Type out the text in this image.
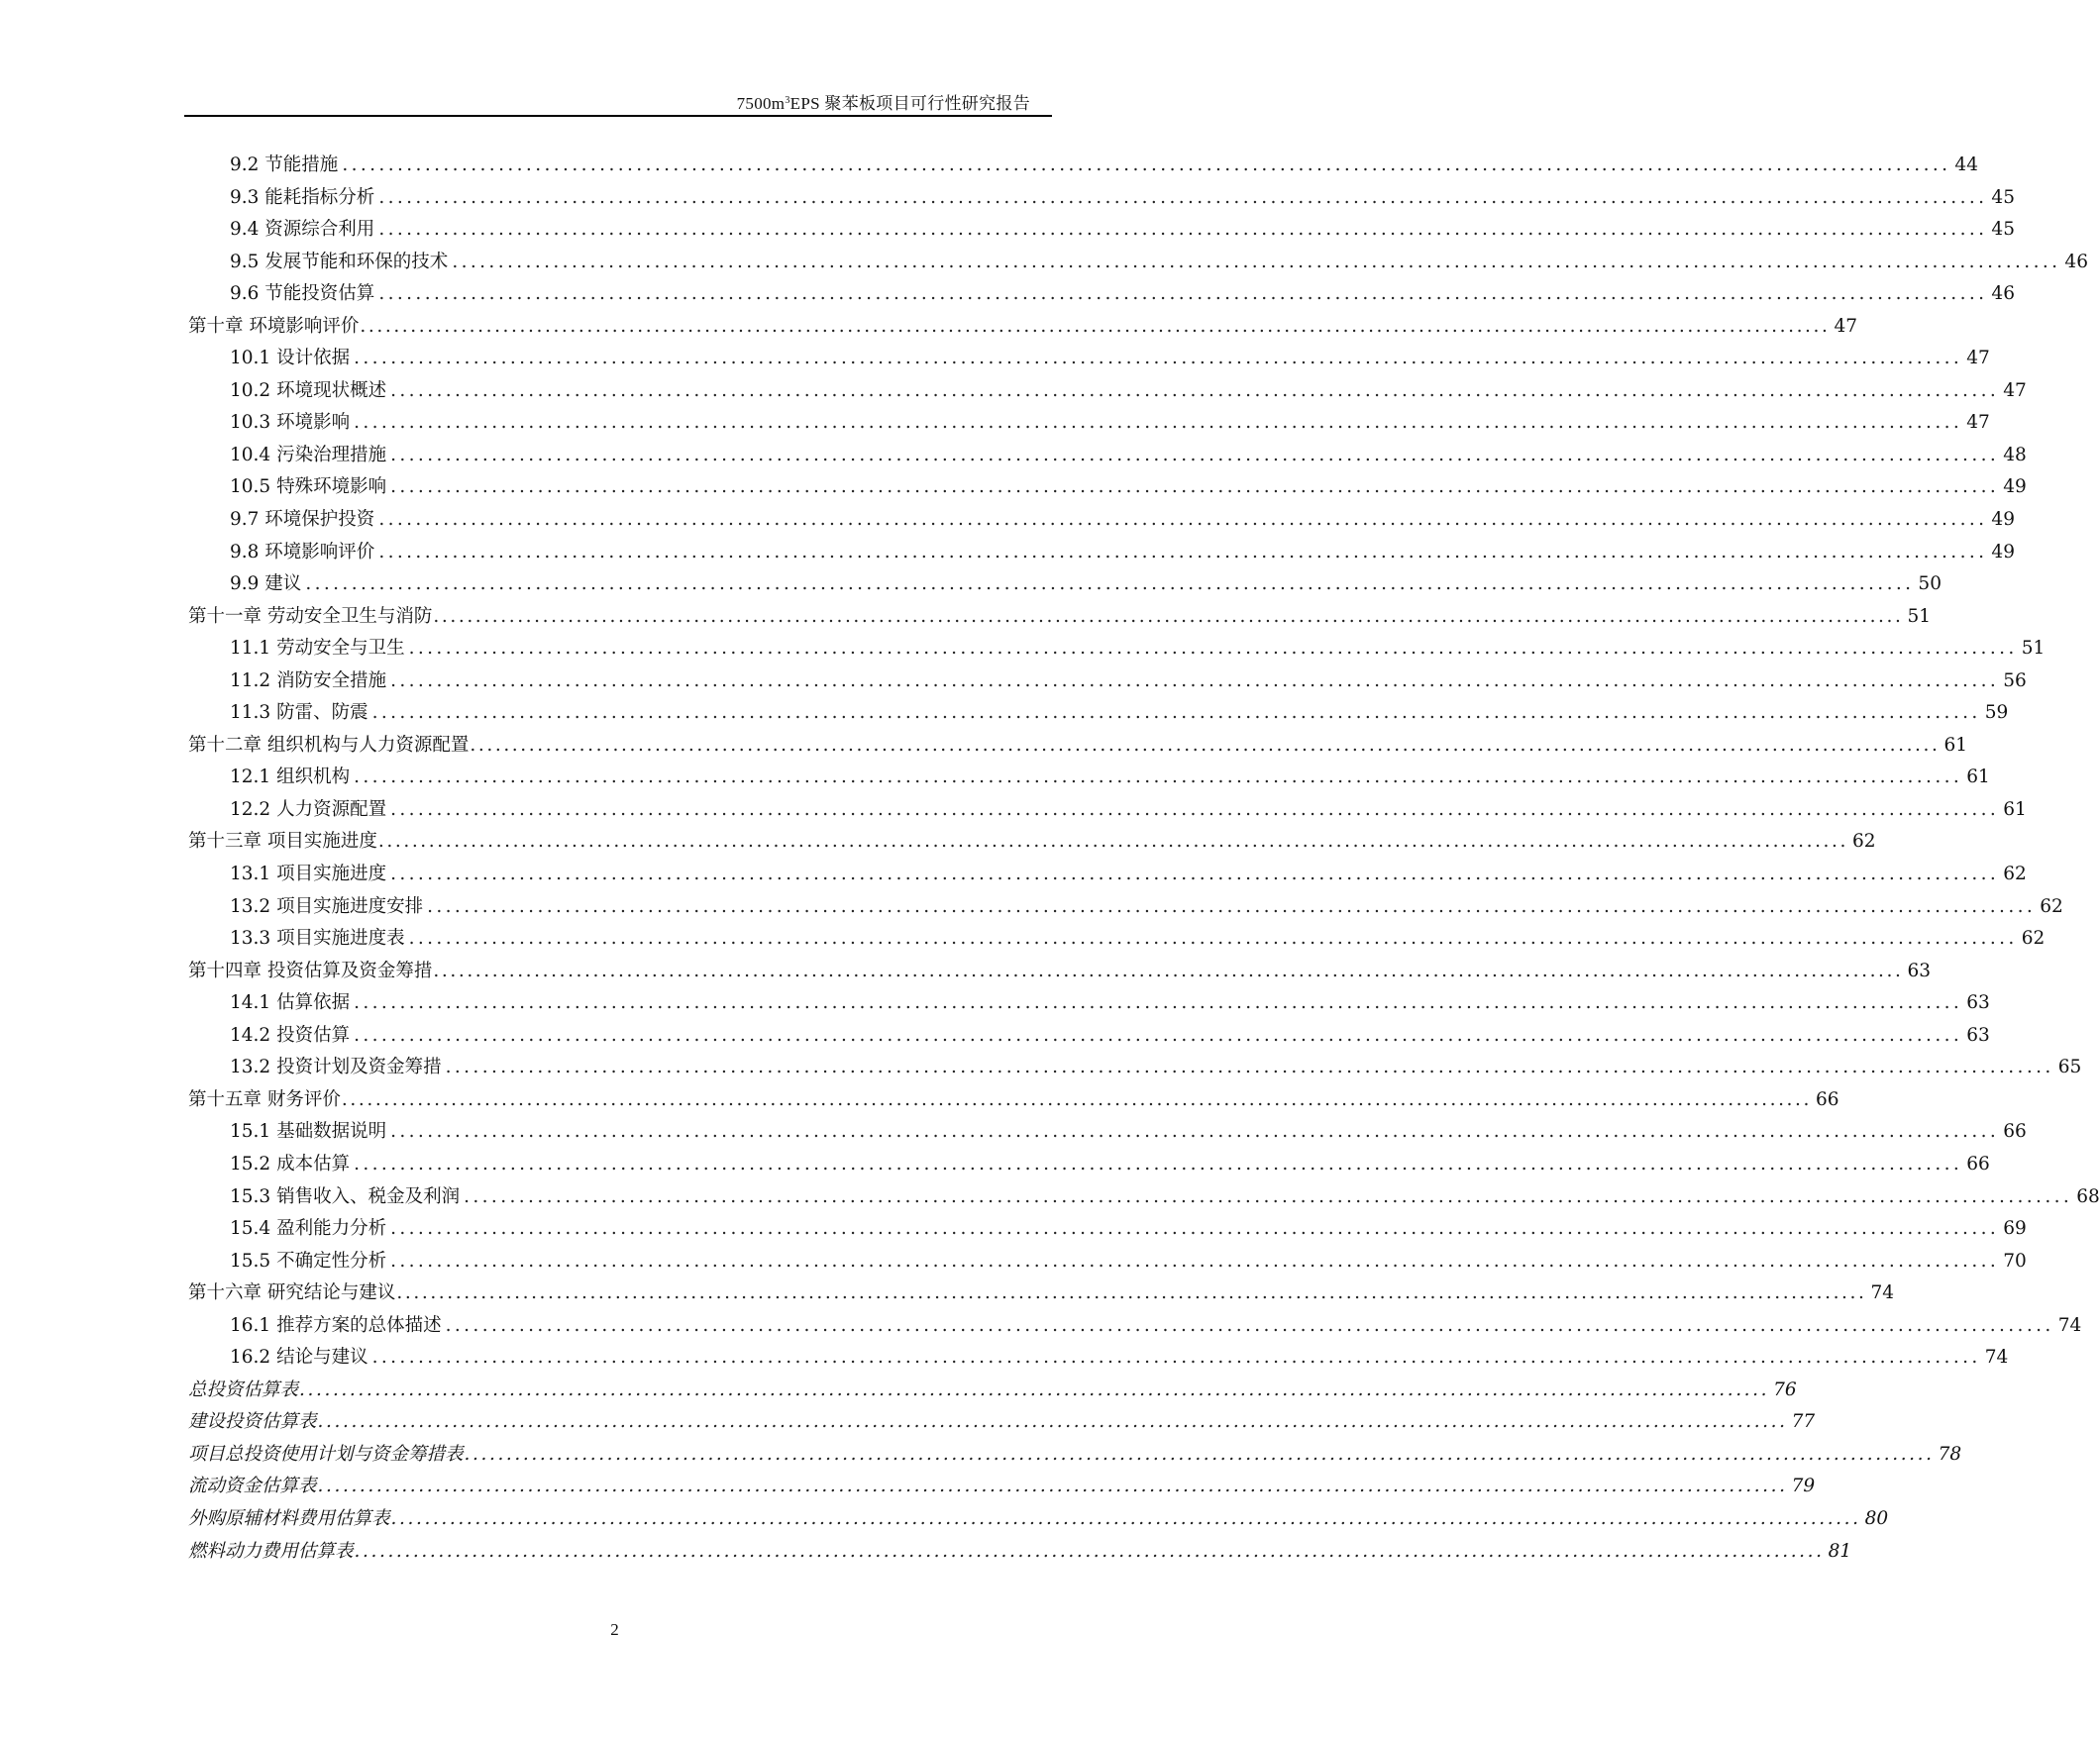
$7500m^3EPS$ 聚苯板项目可行性研究报告
9.2 节能措施 ............................................................................................................................................................................... 44
9.3 能耗指标分析 ............................................................................................................................................................................... 45
9.4 资源综合利用 ............................................................................................................................................................................... 45
9.5 发展节能和环保的技术 ............................................................................................................................................................................... 46
9.6 节能投资估算 ............................................................................................................................................................................... 46
第十章 环境影响评价 ............................................................................................................................................................................... 47
10.1 设计依据 ............................................................................................................................................................................... 47
10.2 环境现状概述 ............................................................................................................................................................................... 47
10.3 环境影响 ............................................................................................................................................................................... 47
10.4 污染治理措施 ............................................................................................................................................................................... 48
10.5 特殊环境影响 ............................................................................................................................................................................... 49
9.7 环境保护投资 ............................................................................................................................................................................... 49
9.8 环境影响评价 ............................................................................................................................................................................... 49
9.9 建议 ............................................................................................................................................................................... 50
第十一章 劳动安全卫生与消防 ............................................................................................................................................................................... 51
11.1 劳动安全与卫生 ............................................................................................................................................................................... 51
11.2 消防安全措施 ............................................................................................................................................................................... 56
11.3 防雷、防震 ............................................................................................................................................................................... 59
第十二章 组织机构与人力资源配置 ............................................................................................................................................................................... 61
12.1 组织机构 ............................................................................................................................................................................... 61
12.2 人力资源配置 ............................................................................................................................................................................... 61
第十三章 项目实施进度 ............................................................................................................................................................................... 62
13.1 项目实施进度 ............................................................................................................................................................................... 62
13.2 项目实施进度安排 ............................................................................................................................................................................... 62
13.3 项目实施进度表 ............................................................................................................................................................................... 62
第十四章 投资估算及资金筹措 ............................................................................................................................................................................... 63
14.1 估算依据 ............................................................................................................................................................................... 63
14.2 投资估算 ............................................................................................................................................................................... 63
13.2 投资计划及资金筹措 ............................................................................................................................................................................... 65
第十五章 财务评价 ............................................................................................................................................................................... 66
15.1 基础数据说明 ............................................................................................................................................................................... 66
15.2 成本估算 ............................................................................................................................................................................... 66
15.3 销售收入、税金及利润 ............................................................................................................................................................................... 68
15.4 盈利能力分析 ............................................................................................................................................................................... 69
15.5 不确定性分析 ............................................................................................................................................................................... 70
第十六章 研究结论与建议 ............................................................................................................................................................................... 74
16.1 推荐方案的总体描述 ............................................................................................................................................................................... 74
16.2 结论与建议 ............................................................................................................................................................................... 74
总投资估算表 ............................................................................................................................................................................... 76
建设投资估算表 ............................................................................................................................................................................... 77
项目总投资使用计划与资金筹措表 ............................................................................................................................................................................... 78
流动资金估算表 ............................................................................................................................................................................... 79
外购原辅材料费用估算表 ............................................................................................................................................................................... 80
燃料动力费用估算表 ............................................................................................................................................................................... 81
2
